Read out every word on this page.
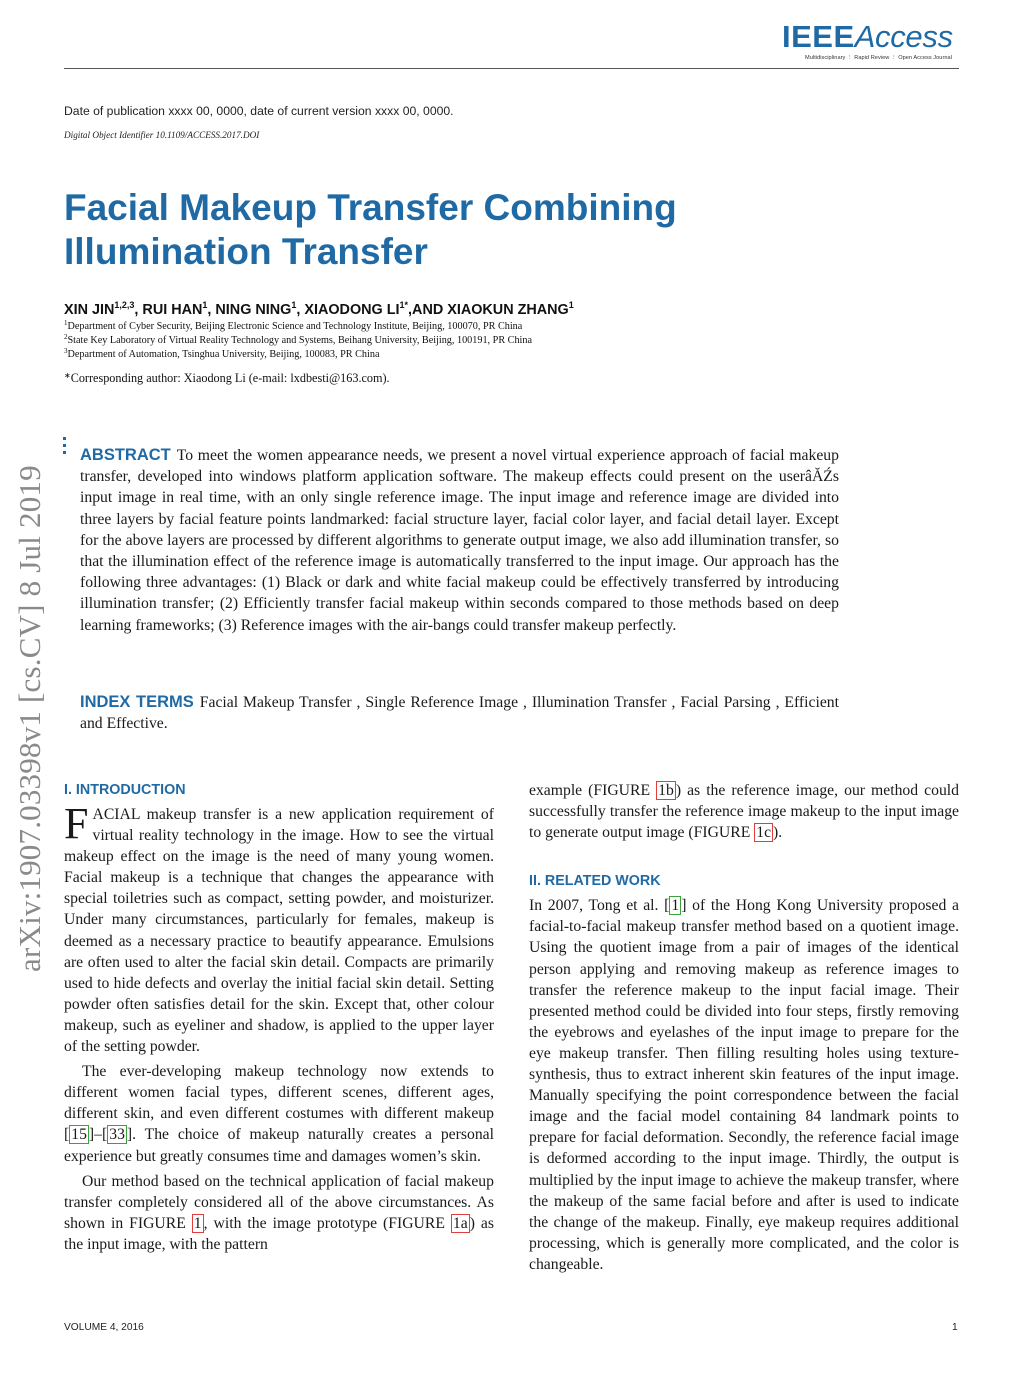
IEEEAccess
Multidisciplinary ⋮ Rapid Review ⋮ Open Access Journal
Date of publication xxxx 00, 0000, date of current version xxxx 00, 0000.
Digital Object Identifier 10.1109/ACCESS.2017.DOI
Facial Makeup Transfer Combining
Illumination Transfer
XIN JIN$^{1,2,3}$, RUI HAN$^1$, NING NING$^1$, XIAODONG $LI^{1*},AND$ XIAOKUN ZHANG$^1$
$^1$Department of Cyber Security, Beijing Electronic Science and Technology Institute, Beijing, 100070, PR China
$^2$State Key Laboratory of Virtual Reality Technology and Systems, Beihang University, Beijing, 100191, PR China
$^3$Department of Automation, Tsinghua University, Beijing, 100083, PR China
∗Corresponding author: Xiaodong Li (e-mail: lxdbesti@163.com).
arXiv:1907.03398v1 [cs.CV] 8 Jul 2019
ABSTRACT To meet the women appearance needs, we present a novel virtual experience approach of facial makeup transfer, developed into windows platform application software. The makeup effects could present on the userâĂŹs input image in real time, with an only single reference image. The input image and reference image are divided into three layers by facial feature points landmarked: facial structure layer, facial color layer, and facial detail layer. Except for the above layers are processed by different algorithms to generate output image, we also add illumination transfer, so that the illumination effect of the reference image is automatically transferred to the input image. Our approach has the following three advantages: (1) Black or dark and white facial makeup could be effectively transferred by introducing illumination transfer; (2) Efficiently transfer facial makeup within seconds compared to those methods based on deep learning frameworks; (3) Reference images with the air-bangs could transfer makeup perfectly.
INDEX TERMS Facial Makeup Transfer , Single Reference Image , Illumination Transfer , Facial Parsing , Efficient and Effective.
I. INTRODUCTION

FACIAL makeup transfer is a new application requirement of virtual reality technology in the image. How to see the virtual makeup effect on the image is the need of many young women. Facial makeup is a technique that changes the appearance with special toiletries such as compact, setting powder, and moisturizer. Under many circumstances, particularly for females, makeup is deemed as a necessary practice to beautify appearance. Emulsions are often used to alter the facial skin detail. Compacts are primarily used to hide defects and overlay the initial facial skin detail. Setting powder often satisfies detail for the skin. Except that, other colour makeup, such as eyeliner and shadow, is applied to the upper layer of the setting powder.

The ever-developing makeup technology now extends to different women facial types, different scenes, different ages, different skin, and even different costumes with different makeup [ 15 ]–[ 33 ]. The choice of makeup naturally creates a personal experience but greatly consumes time and damages women’s skin.

Our method based on the technical application of facial makeup transfer completely considered all of the above circumstances. As shown in FIGURE 1 , with the image prototype (FIGURE 1a ) as the input image, with the pattern

example (FIGURE 1b ) as the reference image, our method could successfully transfer the reference image makeup to the input image to generate output image (FIGURE 1c ).

II. RELATED WORK

In 2007, Tong et al. [ 1 ] of the Hong Kong University proposed a facial-to-facial makeup transfer method based on a quotient image. Using the quotient image from a pair of images of the identical person applying and removing makeup as reference images to transfer the reference makeup to the input facial image. Their presented method could be divided into four steps, firstly removing the eyebrows and eyelashes of the input image to prepare for the eye makeup transfer. Then filling resulting holes using texture-synthesis, thus to extract inherent skin features of the input image. Manually specifying the point correspondence between the facial image and the facial model containing 84 landmark points to prepare for facial deformation. Secondly, the reference facial image is deformed according to the input image. Thirdly, the output is multiplied by the input image to achieve the makeup transfer, where the makeup of the same facial before and after is used to indicate the change of the makeup. Finally, eye makeup requires additional processing, which is generally more complicated, and the color is changeable.

VOLUME 4, 2016	1
